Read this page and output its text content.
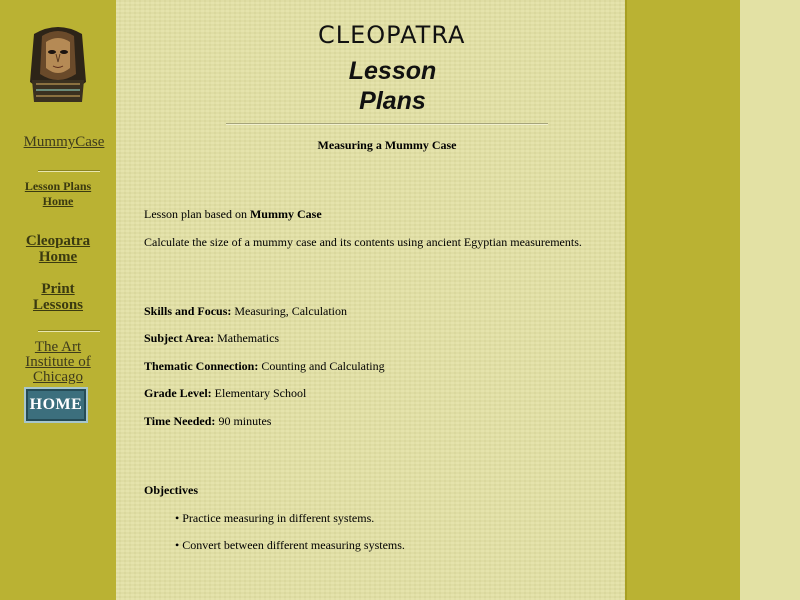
MummyCase
Lesson Plans
Home
Cleopatra
Home
Print
Lessons
The Art
Institute of
Chicago
HOME
CLEOPATRA
Lesson
Plans
Measuring a Mummy Case
Lesson plan based on Mummy Case
Calculate the size of a mummy case and its contents using ancient Egyptian measurements.
Skills and Focus: Measuring, Calculation
Subject Area: Mathematics
Thematic Connection: Counting and Calculating
Grade Level: Elementary School
Time Needed: 90 minutes
Objectives
• Practice measuring in different systems.
• Convert between different measuring systems.
